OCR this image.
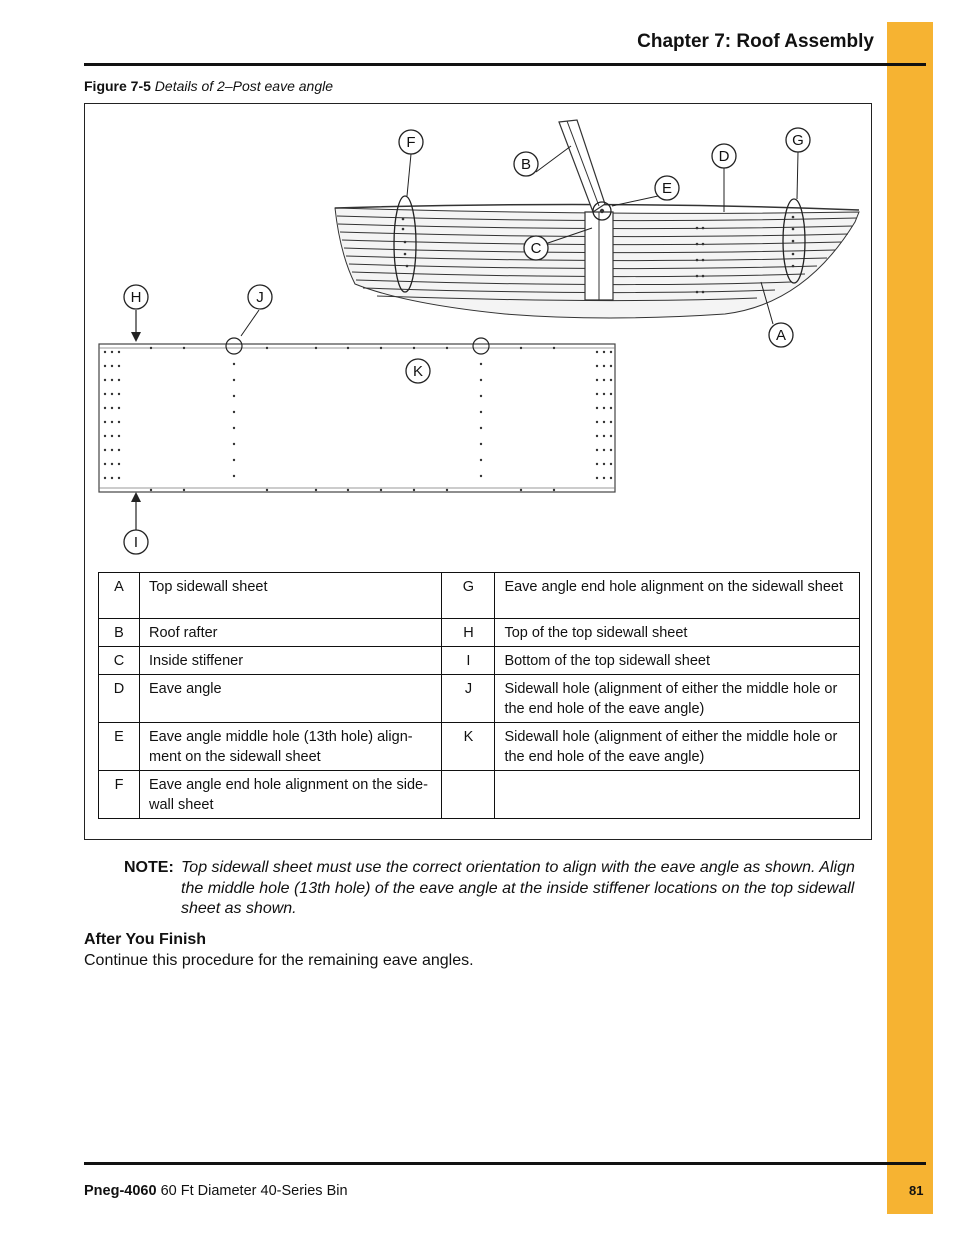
Chapter 7: Roof Assembly
Figure 7-5 Details of 2–Post eave angle
F
B	D
G
E
C
A
H	J
K
I
A	Top sidewall sheet	G	Eave angle end hole alignment on the sidewall sheet
B	Roof rafter	H	Top of the top sidewall sheet
C	Inside stiffener	I	Bottom of the top sidewall sheet
D	Eave angle	J	Sidewall hole (alignment of either the middle hole or the end hole of the eave angle)
E	Eave angle middle hole (13th hole) align-ment on the sidewall sheet	K	Sidewall hole (alignment of either the middle hole or the end hole of the eave angle)
F	Eave angle end hole alignment on the side-wall sheet		
NOTE: Top sidewall sheet must use the correct orientation to align with the eave angle as shown. Align the middle hole (13th hole) of the eave angle at the inside stiffener locations on the top sidewall sheet as shown.
After You Finish
Continue this procedure for the remaining eave angles.
Pneg-4060 60 Ft Diameter 40-Series Bin	81
